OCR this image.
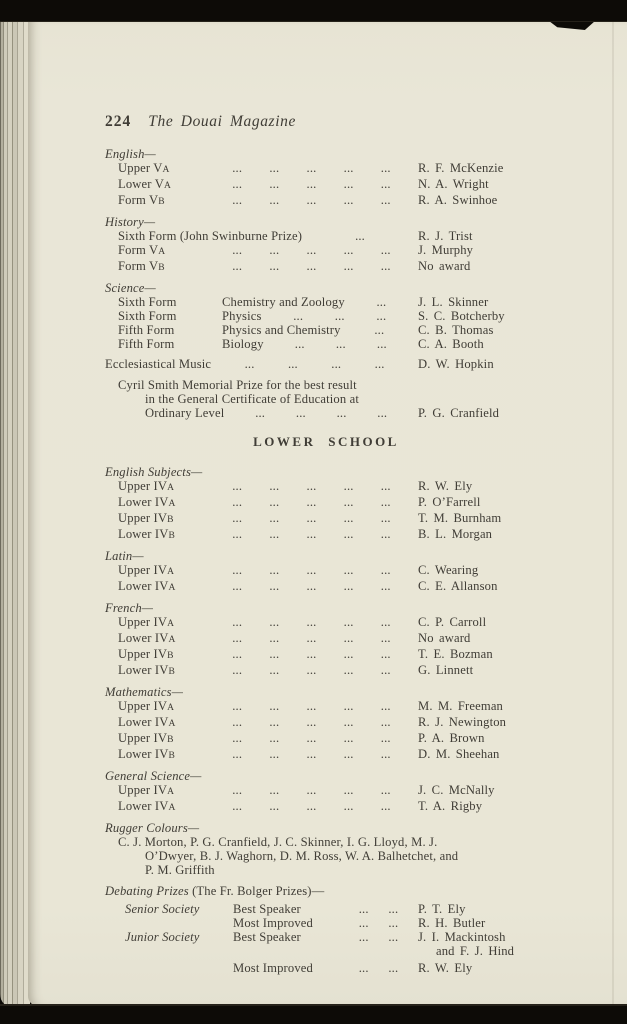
224 The Douai Magazine
English—
Upper VA	... ... ... ... ... R. F. McKenzie
Lower VA	... ... ... ... ... N. A. Wright
Form VB	... ... ... ... ... R. A. Swinhoe
History—
Sixth Form (John Swinburne Prize)	...	R. J. Trist
Form VA	... ... ... ... ... J. Murphy
Form VB	... ... ... ... ... No award
Science—
Sixth Form	Chemistry and Zoology	...	J. L. Skinner
Sixth Form	Physics	...	...	...	S. C. Botcherby
Fifth Form	Physics and Chemistry	...	C. B. Thomas
Fifth Form	Biology ... ... ... C. A. Booth
Ecclesiastical Music	...	...	...	...	D. W. Hopkin
Cyril Smith Memorial Prize for the best result
in the General Certificate of Education at
Ordinary Level ... ... ... ... P. G. Cranfield
LOWER SCHOOL
English Subjects—
Upper IVA	... ... ... ... ... R. W. Ely
Lower IVA	... ... ... ... ... P. O’Farrell
Upper IVB	... ... ... ... ... T. M. Burnham
Lower IVB	... ... ... ... ... B. L. Morgan
Latin—
Upper IVA	... ... ... ... ... C. Wearing
Lower IVA	... ... ... ... ... C. E. Allanson
French—
Upper IVA	... ... ... ... ... C. P. Carroll
Lower IVA	... ... ... ... ... No award
Upper IVB	... ... ... ... ... T. E. Bozman
Lower IVB	... ... ... ... ... G. Linnett
Mathematics—
Upper IVA	... ... ... ... ... M. M. Freeman
Lower IVA	... ... ... ... ... R. J. Newington
Upper IVB	... ... ... ... ... P. A. Brown
Lower IVB	... ... ... ... ... D. M. Sheehan
General Science—
Upper IVA	... ... ... ... ... J. C. McNally
Lower IVA	... ... ... ... ... T. A. Rigby
Rugger Colours—
C. J. Morton, P. G. Cranfield, J. C. Skinner, I. G. Lloyd, M. J.
O’Dwyer, B. J. Waghorn, D. M. Ross, W. A. Balhetchet, and
P. M. Griffith
Debating Prizes (The Fr. Bolger Prizes)—
Senior Society	Best Speaker	... ... P. T. Ely
Most Improved	... ... R. H. Butler
Junior Society	Best Speaker	... ... J. I. Mackintosh
and F. J. Hind
Most Improved	... ... R. W. Ely
